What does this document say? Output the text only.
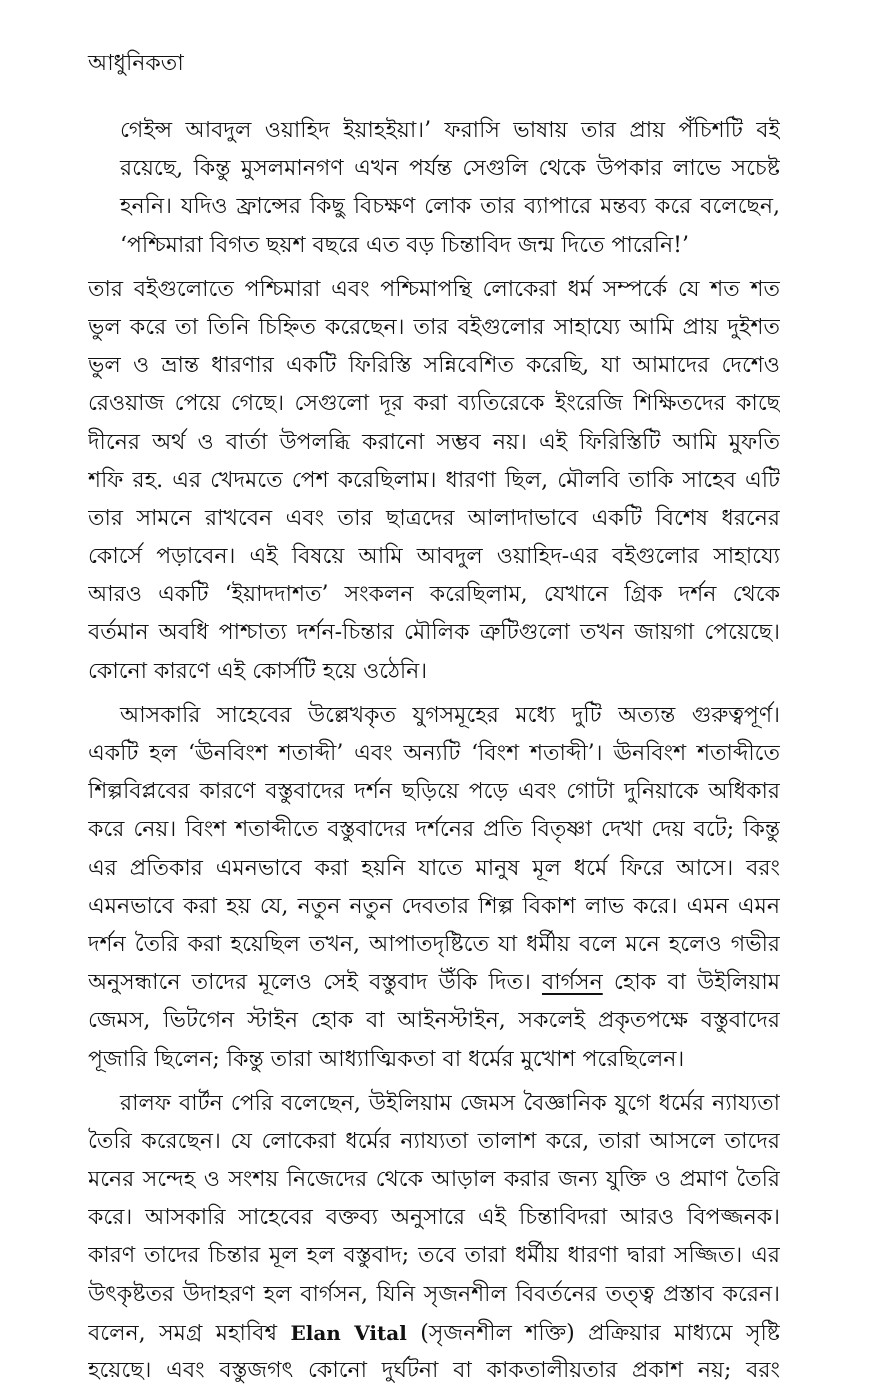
আধুনিকতা
গেইন্স আবদুল ওয়াহিদ ইয়াহইয়া।’ ফরাসি ভাষায় তার প্রায় পঁচিশটি বই
রয়েছে, কিন্তু মুসলমানগণ এখন পর্যন্ত সেগুলি থেকে উপকার লাভে সচেষ্ট
হননি। যদিও ফ্রান্সের কিছু বিচক্ষণ লোক তার ব্যাপারে মন্তব্য করে বলেছেন,
‘পশ্চিমারা বিগত ছয়শ বছরে এত বড় চিন্তাবিদ জন্ম দিতে পারেনি!’
তার বইগুলোতে পশ্চিমারা এবং পশ্চিমাপন্থি লোকেরা ধর্ম সম্পর্কে যে শত শত
ভুল করে তা তিনি চিহ্নিত করেছেন। তার বইগুলোর সাহায্যে আমি প্রায় দুইশত
ভুল ও ভ্রান্ত ধারণার একটি ফিরিস্তি সন্নিবেশিত করেছি, যা আমাদের দেশেও
রেওয়াজ পেয়ে গেছে। সেগুলো দূর করা ব্যতিরেকে ইংরেজি শিক্ষিতদের কাছে
দীনের অর্থ ও বার্তা উপলব্ধি করানো সম্ভব নয়। এই ফিরিস্তিটি আমি মুফতি
শফি রহ. এর খেদমতে পেশ করেছিলাম। ধারণা ছিল, মৌলবি তাকি সাহেব এটি
তার সামনে রাখবেন এবং তার ছাত্রদের আলাদাভাবে একটি বিশেষ ধরনের
কোর্সে পড়াবেন। এই বিষয়ে আমি আবদুল ওয়াহিদ-এর বইগুলোর সাহায্যে
আরও একটি ‘ইয়াদদাশত’ সংকলন করেছিলাম, যেখানে গ্রিক দর্শন থেকে
বর্তমান অবধি পাশ্চাত্য দর্শন-চিন্তার মৌলিক ত্রুটিগুলো তখন জায়গা পেয়েছে।
কোনো কারণে এই কোর্সটি হয়ে ওঠেনি।
আসকারি সাহেবের উল্লেখকৃত যুগসমূহের মধ্যে দুটি অত্যন্ত গুরুত্বপূর্ণ।
একটি হল ‘ঊনবিংশ শতাব্দী’ এবং অন্যটি ‘বিংশ শতাব্দী’। ঊনবিংশ শতাব্দীতে
শিল্পবিপ্লবের কারণে বস্তুবাদের দর্শন ছড়িয়ে পড়ে এবং গোটা দুনিয়াকে অধিকার
করে নেয়। বিংশ শতাব্দীতে বস্তুবাদের দর্শনের প্রতি বিতৃষ্ণা দেখা দেয় বটে; কিন্তু
এর প্রতিকার এমনভাবে করা হয়নি যাতে মানুষ মূল ধর্মে ফিরে আসে। বরং
এমনভাবে করা হয় যে, নতুন নতুন দেবতার শিল্প বিকাশ লাভ করে। এমন এমন
দর্শন তৈরি করা হয়েছিল তখন, আপাতদৃষ্টিতে যা ধর্মীয় বলে মনে হলেও গভীর
অনুসন্ধানে তাদের মূলেও সেই বস্তুবাদ উঁকি দিত। বার্গসন হোক বা উইলিয়াম
জেমস, ভিটগেন স্টাইন হোক বা আইনস্টাইন, সকলেই প্রকৃতপক্ষে বস্তুবাদের
পূজারি ছিলেন; কিন্তু তারা আধ্যাত্মিকতা বা ধর্মের মুখোশ পরেছিলেন।
রালফ বার্টন পেরি বলেছেন, উইলিয়াম জেমস বৈজ্ঞানিক যুগে ধর্মের ন্যায্যতা
তৈরি করেছেন। যে লোকেরা ধর্মের ন্যায্যতা তালাশ করে, তারা আসলে তাদের
মনের সন্দেহ ও সংশয় নিজেদের থেকে আড়াল করার জন্য যুক্তি ও প্রমাণ তৈরি
করে। আসকারি সাহেবের বক্তব্য অনুসারে এই চিন্তাবিদরা আরও বিপজ্জনক।
কারণ তাদের চিন্তার মূল হল বস্তুবাদ; তবে তারা ধর্মীয় ধারণা দ্বারা সজ্জিত। এর
উৎকৃষ্টতর উদাহরণ হল বার্গসন, যিনি সৃজনশীল বিবর্তনের তত্ত্ব প্রস্তাব করেন।
বলেন, সমগ্র মহাবিশ্ব Elan Vital (সৃজনশীল শক্তি) প্রক্রিয়ার মাধ্যমে সৃষ্টি
হয়েছে। এবং বস্তুজগৎ কোনো দুর্ঘটনা বা কাকতালীয়তার প্রকাশ নয়; বরং
